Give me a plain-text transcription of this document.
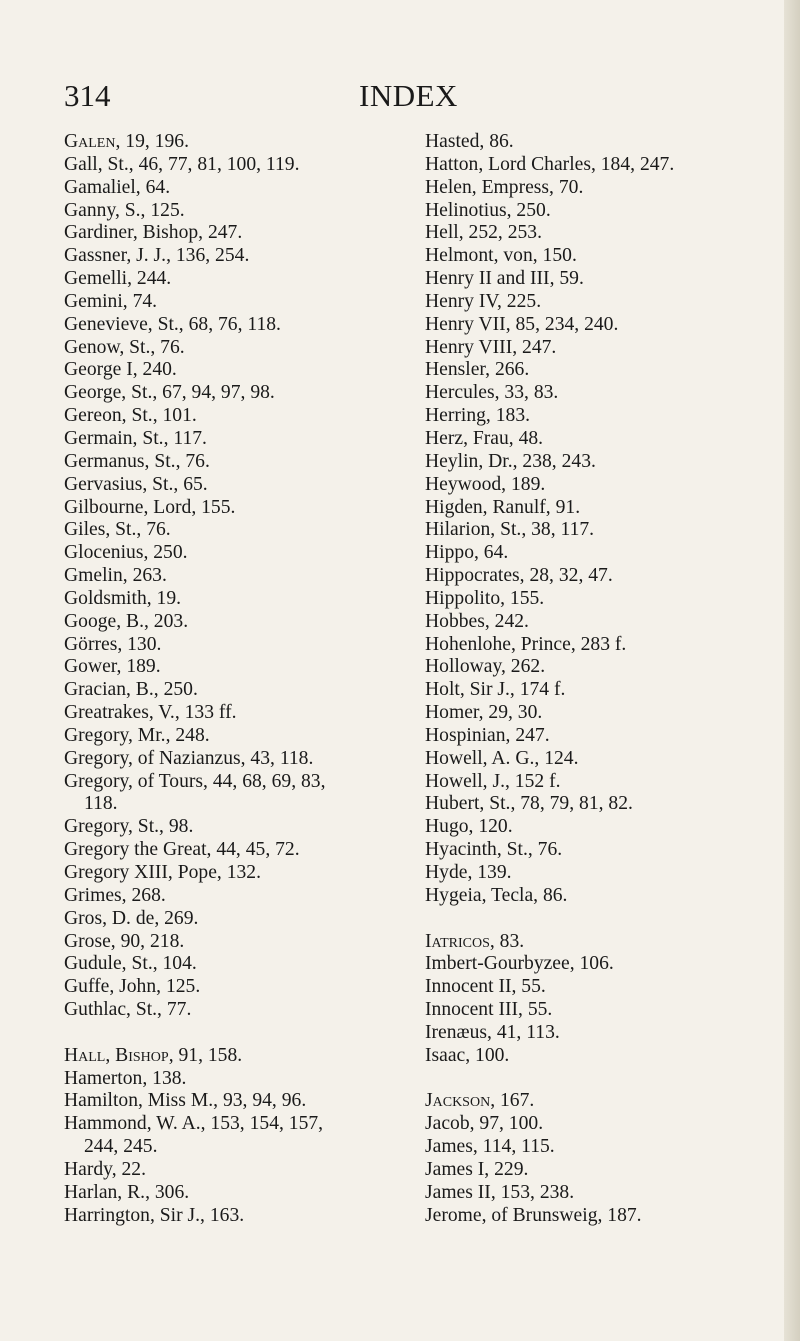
314	INDEX
Galen, 19, 196.
Gall, St., 46, 77, 81, 100, 119.
Gamaliel, 64.
Ganny, S., 125.
Gardiner, Bishop, 247.
Gassner, J. J., 136, 254.
Gemelli, 244.
Gemini, 74.
Genevieve, St., 68, 76, 118.
Genow, St., 76.
George I, 240.
George, St., 67, 94, 97, 98.
Gereon, St., 101.
Germain, St., 117.
Germanus, St., 76.
Gervasius, St., 65.
Gilbourne, Lord, 155.
Giles, St., 76.
Glocenius, 250.
Gmelin, 263.
Goldsmith, 19.
Googe, B., 203.
Görres, 130.
Gower, 189.
Gracian, B., 250.
Greatrakes, V., 133 ff.
Gregory, Mr., 248.
Gregory, of Nazianzus, 43, 118.
Gregory, of Tours, 44, 68, 69, 83,
118.
Gregory, St., 98.
Gregory the Great, 44, 45, 72.
Gregory XIII, Pope, 132.
Grimes, 268.
Gros, D. de, 269.
Grose, 90, 218.
Gudule, St., 104.
Guffe, John, 125.
Guthlac, St., 77.
Hall, Bishop, 91, 158.
Hamerton, 138.
Hamilton, Miss M., 93, 94, 96.
Hammond, W. A., 153, 154, 157,
244, 245.
Hardy, 22.
Harlan, R., 306.
Harrington, Sir J., 163.
Hasted, 86.
Hatton, Lord Charles, 184, 247.
Helen, Empress, 70.
Helinotius, 250.
Hell, 252, 253.
Helmont, von, 150.
Henry II and III, 59.
Henry IV, 225.
Henry VII, 85, 234, 240.
Henry VIII, 247.
Hensler, 266.
Hercules, 33, 83.
Herring, 183.
Herz, Frau, 48.
Heylin, Dr., 238, 243.
Heywood, 189.
Higden, Ranulf, 91.
Hilarion, St., 38, 117.
Hippo, 64.
Hippocrates, 28, 32, 47.
Hippolito, 155.
Hobbes, 242.
Hohenlohe, Prince, 283 f.
Holloway, 262.
Holt, Sir J., 174 f.
Homer, 29, 30.
Hospinian, 247.
Howell, A. G., 124.
Howell, J., 152 f.
Hubert, St., 78, 79, 81, 82.
Hugo, 120.
Hyacinth, St., 76.
Hyde, 139.
Hygeia, Tecla, 86.
Iatricos, 83.
Imbert-Gourbyzee, 106.
Innocent II, 55.
Innocent III, 55.
Irenæus, 41, 113.
Isaac, 100.
Jackson, 167.
Jacob, 97, 100.
James, 114, 115.
James I, 229.
James II, 153, 238.
Jerome, of Brunsweig, 187.
